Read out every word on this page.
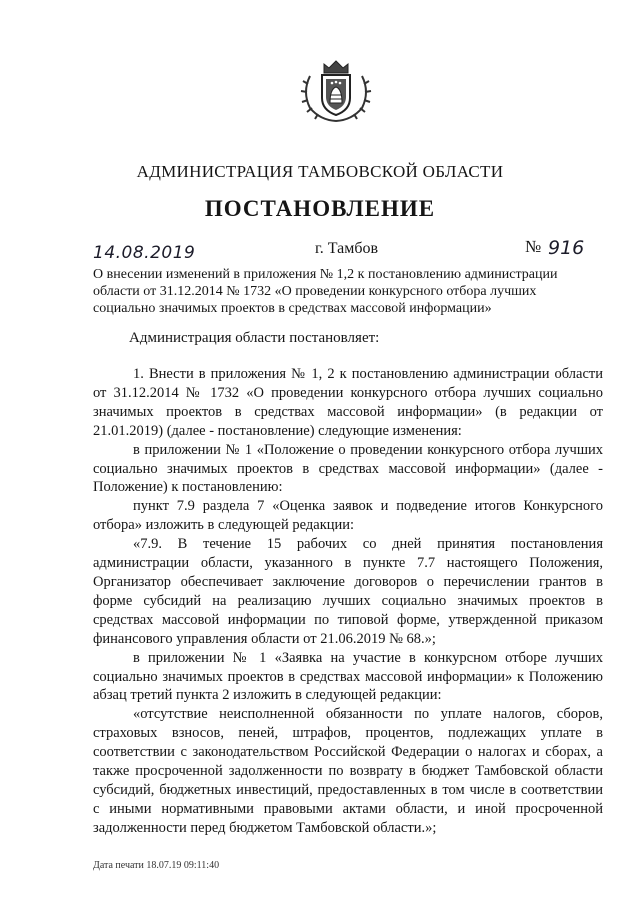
АДМИНИСТРАЦИЯ ТАМБОВСКОЙ ОБЛАСТИ
ПОСТАНОВЛЕНИЕ
14.08.2019	г. Тамбов	№ 916
О внесении изменений в приложения № 1,2 к постановлению администрации области от 31.12.2014 № 1732 «О проведении конкурсного отбора лучших социально значимых проектов в средствах массовой информации»
Администрация области постановляет:

1. Внести в приложения № 1, 2 к постановлению администрации области от 31.12.2014 № 1732 «О проведении конкурсного отбора лучших социально значимых проектов в средствах массовой информации» (в редакции от 21.01.2019) (далее - постановление) следующие изменения:

в приложении № 1 «Положение о проведении конкурсного отбора лучших социально значимых проектов в средствах массовой информации» (далее - Положение) к постановлению:

пункт 7.9 раздела 7 «Оценка заявок и подведение итогов Конкурсного отбора» изложить в следующей редакции:

«7.9. В течение 15 рабочих со дней принятия постановления администрации области, указанного в пункте 7.7 настоящего Положения, Организатор обеспечивает заключение договоров о перечислении грантов в форме субсидий на реализацию лучших социально значимых проектов в средствах массовой информации по типовой форме, утвержденной приказом финансового управления области от 21.06.2019 № 68.»;

в приложении № 1 «Заявка на участие в конкурсном отборе лучших социально значимых проектов в средствах массовой информации» к Положению абзац третий пункта 2 изложить в следующей редакции:

«отсутствие неисполненной обязанности по уплате налогов, сборов, страховых взносов, пеней, штрафов, процентов, подлежащих уплате в соответствии с законодательством Российской Федерации о налогах и сборах, а также просроченной задолженности по возврату в бюджет Тамбовской области субсидий, бюджетных инвестиций, предоставленных в том числе в соответствии с иными нормативными правовыми актами области, и иной просроченной задолженности перед бюджетом Тамбовской области.»;

Дата печати 18.07.19 09:11:40
